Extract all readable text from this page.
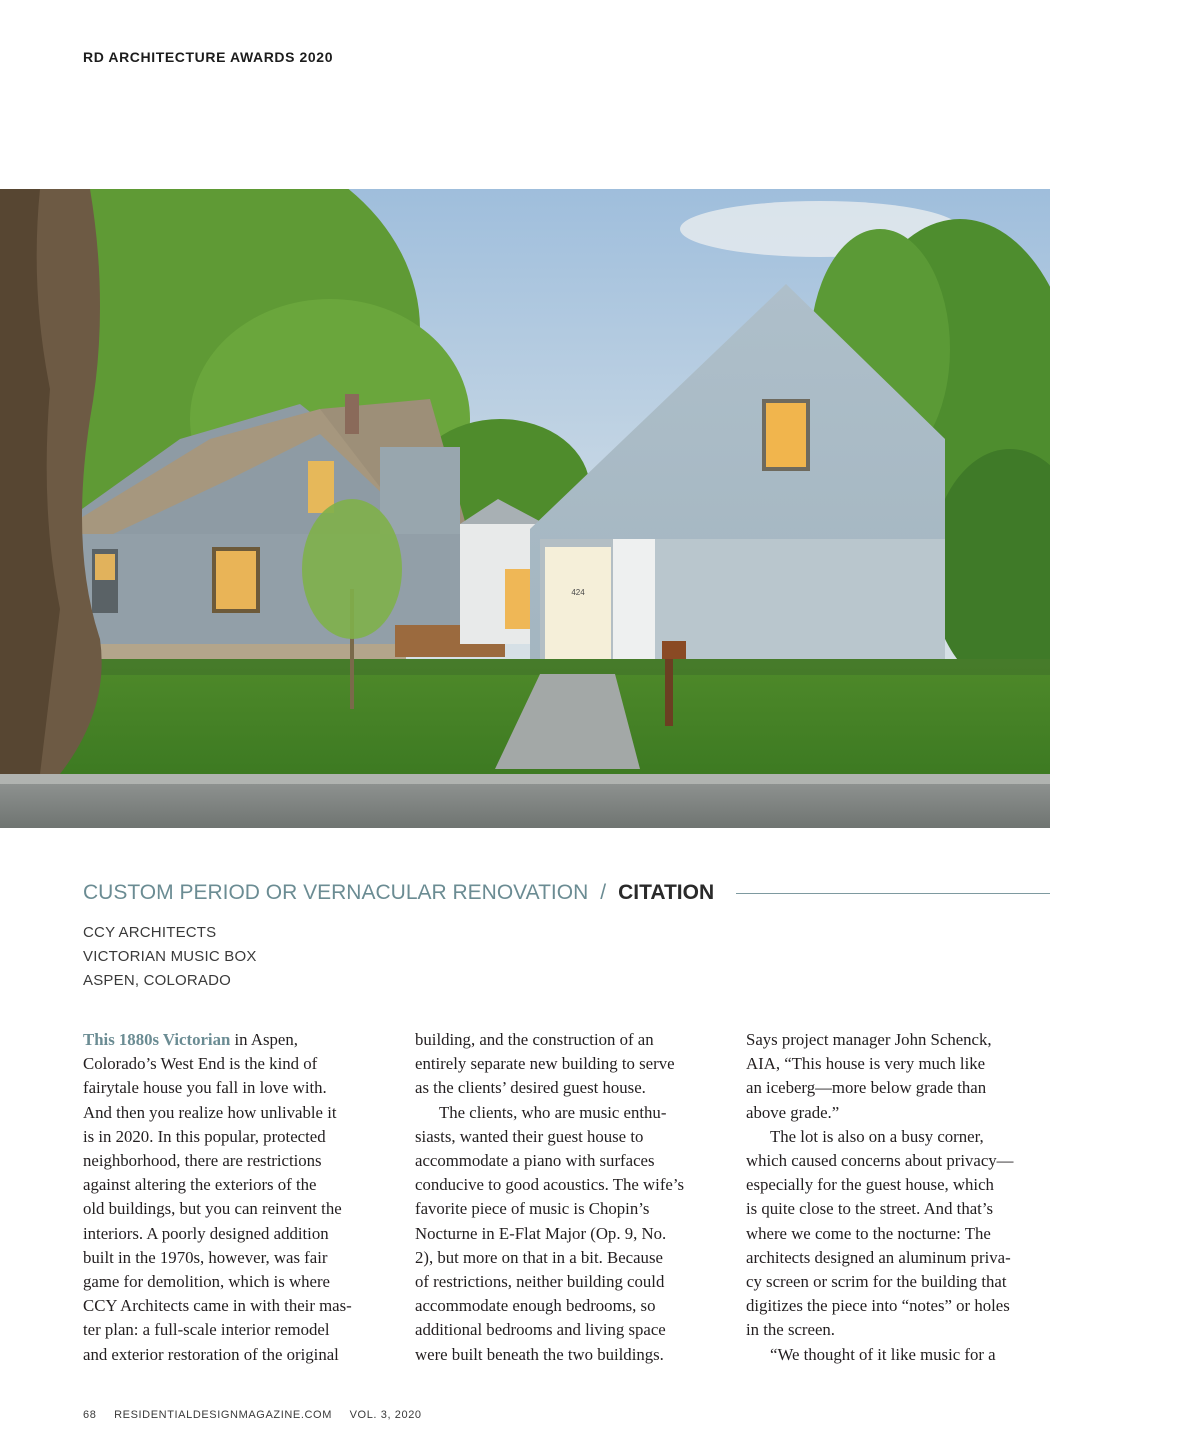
RD ARCHITECTURE AWARDS 2020
424
CUSTOM PERIOD OR VERNACULAR RENOVATION / CITATION
CCY ARCHITECTS
VICTORIAN MUSIC BOX
ASPEN, COLORADO
This 1880s Victorian in Aspen,
Colorado’s West End is the kind of
fairytale house you fall in love with.
And then you realize how unlivable it
is in 2020. In this popular, protected
neighborhood, there are restrictions
against altering the exteriors of the
old buildings, but you can reinvent the
interiors. A poorly designed addition
built in the 1970s, however, was fair
game for demolition, which is where
CCY Architects came in with their mas-
ter plan: a full-scale interior remodel
and exterior restoration of the original
building, and the construction of an
entirely separate new building to serve
as the clients’ desired guest house.
The clients, who are music enthu-
siasts, wanted their guest house to
accommodate a piano with surfaces
conducive to good acoustics. The wife’s
favorite piece of music is Chopin’s
Nocturne in E-Flat Major (Op. 9, No.
2), but more on that in a bit. Because
of restrictions, neither building could
accommodate enough bedrooms, so
additional bedrooms and living space
were built beneath the two buildings.
Says project manager John Schenck,
AIA, “This house is very much like
an iceberg—more below grade than
above grade.”
The lot is also on a busy corner,
which caused concerns about privacy—
especially for the guest house, which
is quite close to the street. And that’s
where we come to the nocturne: The
architects designed an aluminum priva-
cy screen or scrim for the building that
digitizes the piece into “notes” or holes
in the screen.
“We thought of it like music for a
68 RESIDENTIALDESIGNMAGAZINE.COM VOL. 3, 2020
